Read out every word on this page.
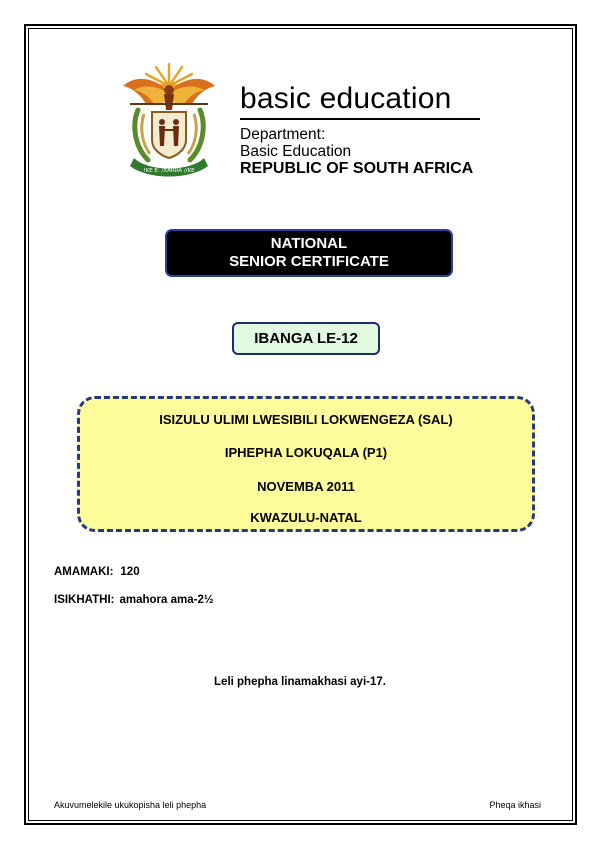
!KE E: /XARRA //KE
basic education
Department:
Basic Education
REPUBLIC OF SOUTH AFRICA
NATIONAL
SENIOR CERTIFICATE
IBANGA LE-12
ISIZULU ULIMI LWESIBILI LOKWENGEZA (SAL)
IPHEPHA LOKUQALA (P1)
NOVEMBA 2011
KWAZULU-NATAL
AMAMAKI: 120
ISIKHATHI: amahora ama-2½
Leli phepha linamakhasi ayi-17.
Akuvumelekile ukukopisha leli phepha	Pheqa ikhasi
